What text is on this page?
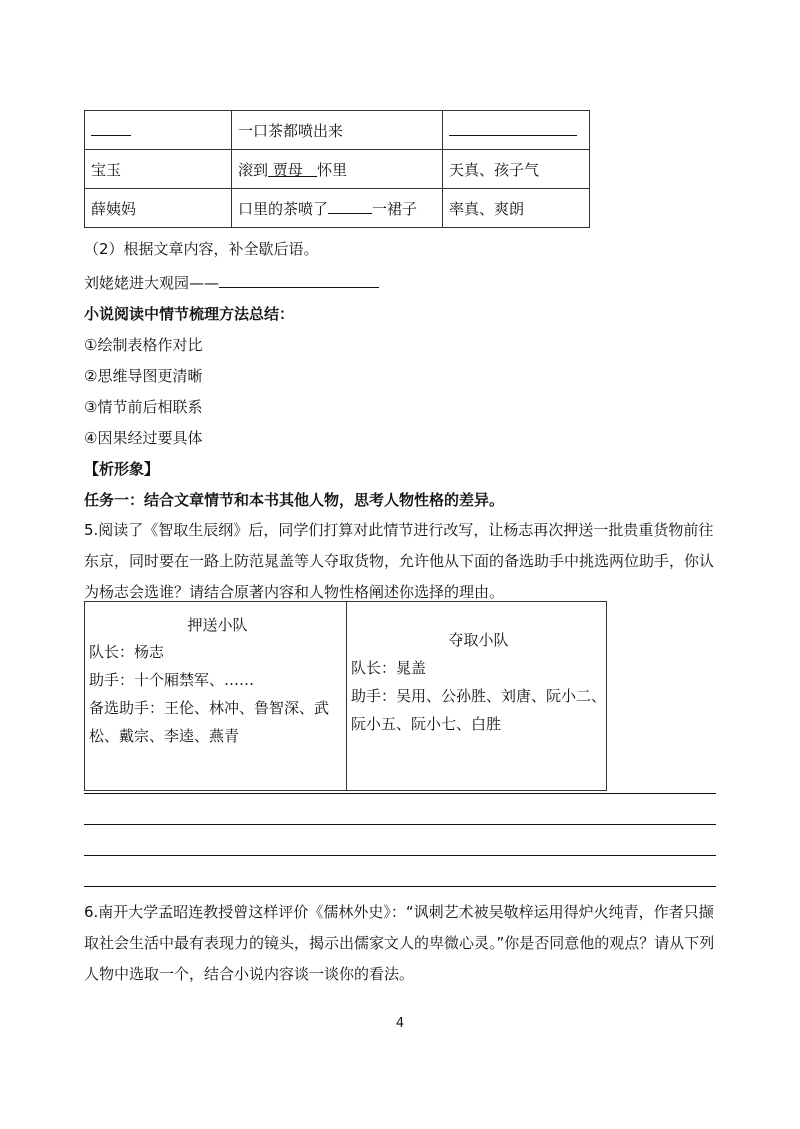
	一口茶都喷出来	
宝玉	滚到 贾母 怀里	天真、孩子气
薛姨妈	口里的茶喷了 一裙子	率真、爽朗
（2）根据文章内容，补全歇后语。
刘姥姥进大观园——
小说阅读中情节梳理方法总结：
①绘制表格作对比
②思维导图更清晰
③情节前后相联系
④因果经过要具体
【析形象】
任务一：结合文章情节和本书其他人物，思考人物性格的差异。
5.阅读了《智取生辰纲》后，同学们打算对此情节进行改写，让杨志再次押送一批贵重货物前往东京，同时要在一路上防范晁盖等人夺取货物，允许他从下面的备选助手中挑选两位助手，你认为杨志会选谁？请结合原著内容和人物性格阐述你选择的理由。
押送小队
队长：杨志
助手：十个厢禁军、……
备选助手：王伦、林冲、鲁智深、武
松、戴宗、李逵、燕青

夺取小队
队长：晁盖
助手：吴用、公孙胜、刘唐、阮小二、
阮小五、阮小七、白胜
6.南开大学孟昭连教授曾这样评价《儒林外史》：“讽刺艺术被吴敬梓运用得炉火纯青，作者只撷取社会生活中最有表现力的镜头，揭示出儒家文人的卑微心灵。”你是否同意他的观点？请从下列人物中选取一个，结合小说内容谈一谈你的看法。
4
